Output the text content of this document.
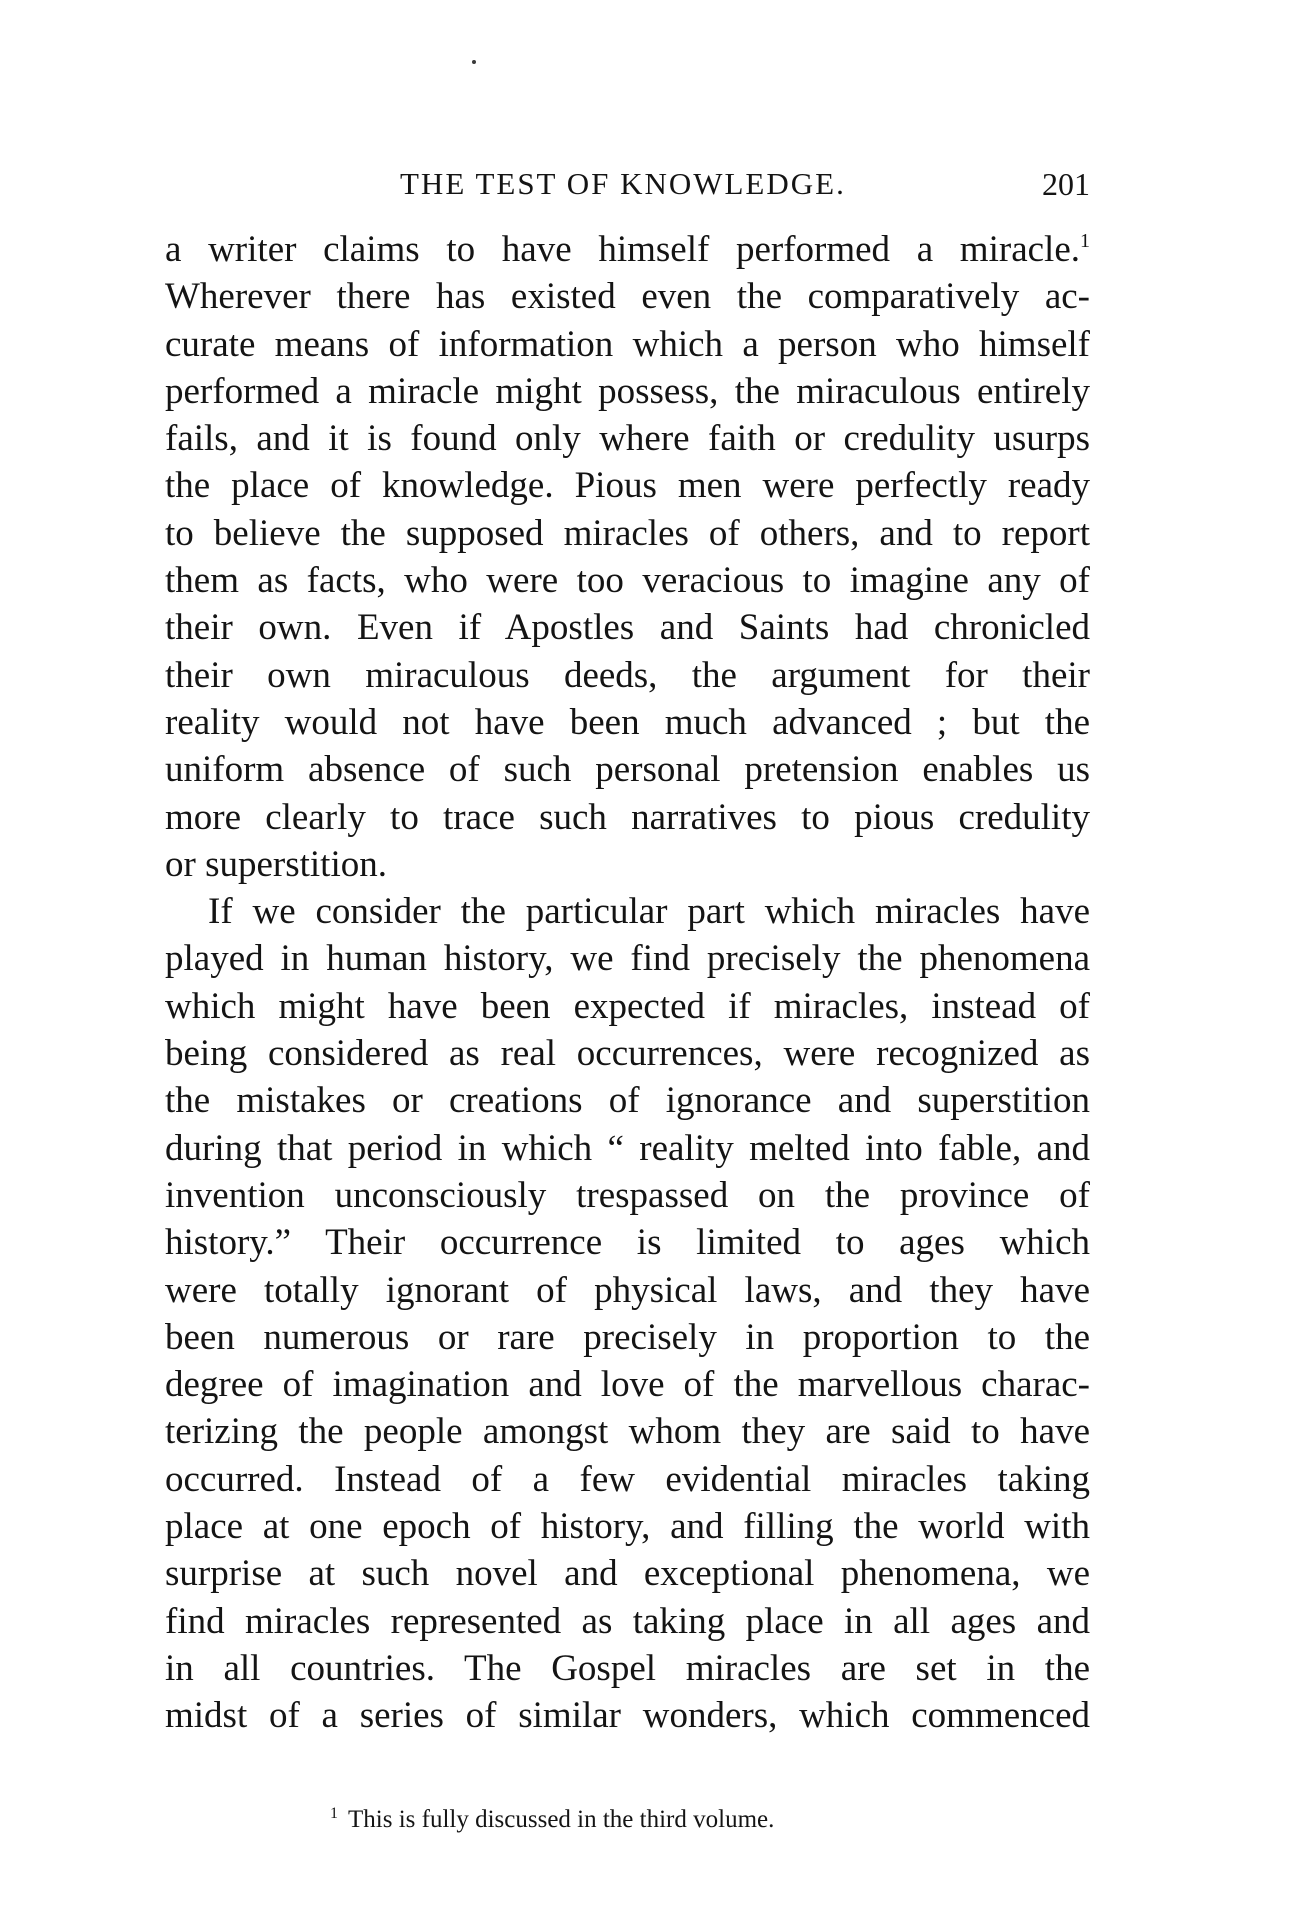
THE TEST OF KNOWLEDGE.	201
a writer claims to have himself performed a miracle.$^1$
Wherever there has existed even the comparatively ac-
curate means of information which a person who himself
performed a miracle might possess, the miraculous entirely
fails, and it is found only where faith or credulity usurps
the place of knowledge. Pious men were perfectly ready
to believe the supposed miracles of others, and to report
them as facts, who were too veracious to imagine any of
their own. Even if Apostles and Saints had chronicled
their own miraculous deeds, the argument for their
reality would not have been much advanced ; but the
uniform absence of such personal pretension enables us
more clearly to trace such narratives to pious credulity
or superstition.
If we consider the particular part which miracles have
played in human history, we find precisely the phenomena
which might have been expected if miracles, instead of
being considered as real occurrences, were recognized as
the mistakes or creations of ignorance and superstition
during that period in which “ reality melted into fable, and
invention unconsciously trespassed on the province of
history.” Their occurrence is limited to ages which
were totally ignorant of physical laws, and they have
been numerous or rare precisely in proportion to the
degree of imagination and love of the marvellous charac-
terizing the people amongst whom they are said to have
occurred. Instead of a few evidential miracles taking
place at one epoch of history, and filling the world with
surprise at such novel and exceptional phenomena, we
find miracles represented as taking place in all ages and
in all countries. The Gospel miracles are set in the
midst of a series of similar wonders, which commenced
$^1$ This is fully discussed in the third volume.
